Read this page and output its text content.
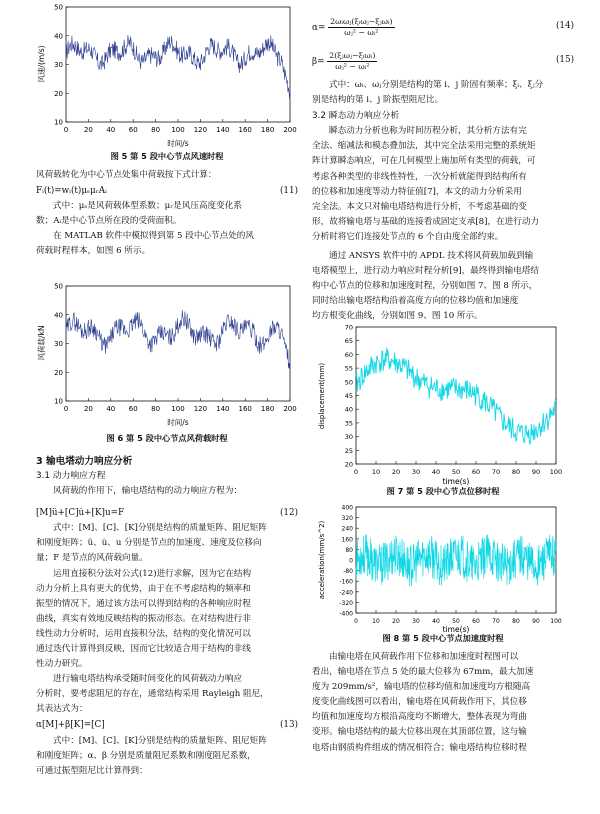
10
20
30
40
50
0 20 40 60 80 100 120 140 160 180 200
风速/(m/s)
时间/s
图 5 第 5 段中心节点风速时程

风荷载转化为中心节点处集中荷载按下式计算：

Fᵢ(t)=wᵢ(t)μₛμᵣAᵢ	(11)

式中：μₛ是风荷载体型系数；μᵣ是风压高度变化系

数；Aᵢ是中心节点所在段的受荷面积。

在 MATLAB 软件中模拟得到第 5 段中心节点处的风

荷载时程样本，如图 6 所示。

10
20
30
40
50
0 20 40 60 80 100 120 140 160 180 200
风荷载/kN
时间/s
图 6 第 5 段中心节点风荷载时程

3 输电塔动力响应分析

3.1 动力响应方程

风荷载的作用下，输电塔结构的动力响应方程为：

[M]ü+[C]u̇+[K]u=F	(12)

式中：[M]、[C]、[K]分别是结构的质量矩阵、阻尼矩阵

和刚度矩阵；ü、u̇、u 分别是节点的加速度、速度及位移向

量；F 是节点的风荷载向量。

运用直接积分法对公式(12)进行求解，因为它在结构

动力分析上具有更大的优势，由于在不考虑结构的频率和

振型的情况下，通过该方法可以得到结构的各种响应时程

曲线，真实有效地反映结构的振动形态。在对结构进行非

线性动力分析时，运用直接积分法，结构的变化情况可以

通过迭代计算得到反映，因而它比较适合用于结构的非线

性动力研究。

进行输电塔结构承受随时间变化的风荷载动力响应

分析时，要考虑阻尼的存在，通常结构采用 Rayleigh 阻尼，

其表达式为：

α[M]+β[K]=[C]	(13)

式中：[M]、[C]、[K]分别是结构的质量矩阵、阻尼矩阵

和刚度矩阵；α、β 分别是质量阻尼系数和刚度阻尼系数，

可通过振型阻尼比计算得到：

$\alpha= \frac{\text{2ωᵢωⱼ(ξᵢωⱼ−ξⱼωᵢ)}}{\text{ωⱼ² − ωᵢ²}}$	(14)
$\beta= \frac{\text{2(ξⱼωⱼ−ξᵢωᵢ)}}{\text{ωⱼ² − ωᵢ²}}$	(15)

式中：ωᵢ、ωⱼ分别是结构的第 i、j 阶固有频率；ξᵢ、ξⱼ分

别是结构的第 i、j 阶振型阻尼比。

3.2 瞬态动力响应分析

瞬态动力分析也称为时间历程分析，其分析方法有完

全法、缩减法和模态叠加法，其中完全法采用完整的系统矩

阵计算瞬态响应，可在几何模型上施加所有类型的荷载，可

考虑各种类型的非线性特性，一次分析就能得到结构所有

的位移和加速度等动力特征值[7]，本文的动力分析采用

完全法。本文只对输电塔结构进行分析，不考虑基础的变

形，故将输电塔与基础的连接看成固定支承[8]，在进行动力

分析时将它们连接处节点的 6 个自由度全部约束。

通过 ANSYS 软件中的 APDL 技术将风荷载加载到输

电塔模型上，进行动力响应时程分析[9]，最终得到输电塔结

构中心节点的位移和加速度时程，分别如图 7、图 8 所示，

同时给出输电塔结构沿着高度方向的位移均值和加速度

均方根变化曲线，分别如图 9、图 10 所示。

20
25
30
35
40
45
50
55
60
65
70
0 10 20 30 40 50 60 70 80 90 100
displacement(mm)
time(s)
图 7 第 5 段中心节点位移时程
-400
-320
-240
-160
-80
0
80
160
240
320
400
0 10 20 30 40 50 60 70 80 90 100
acceleration(mm/s^2)
time(s)
图 8 第 5 段中心节点加速度时程

由输电塔在风荷载作用下位移和加速度时程图可以

看出，输电塔在节点 5 处的最大位移为 67mm，最大加速

度为 209mm/s²，输电塔的位移均值和加速度均方根随高

度变化曲线图可以看出，输电塔在风荷载作用下，其位移

均值和加速度均方根沿高度均不断增大，整体表现为弯曲

变形。输电塔结构的最大位移出现在其顶部位置，这与输

电塔由钢质构件组成的情况相符合；输电塔结构位移时程
